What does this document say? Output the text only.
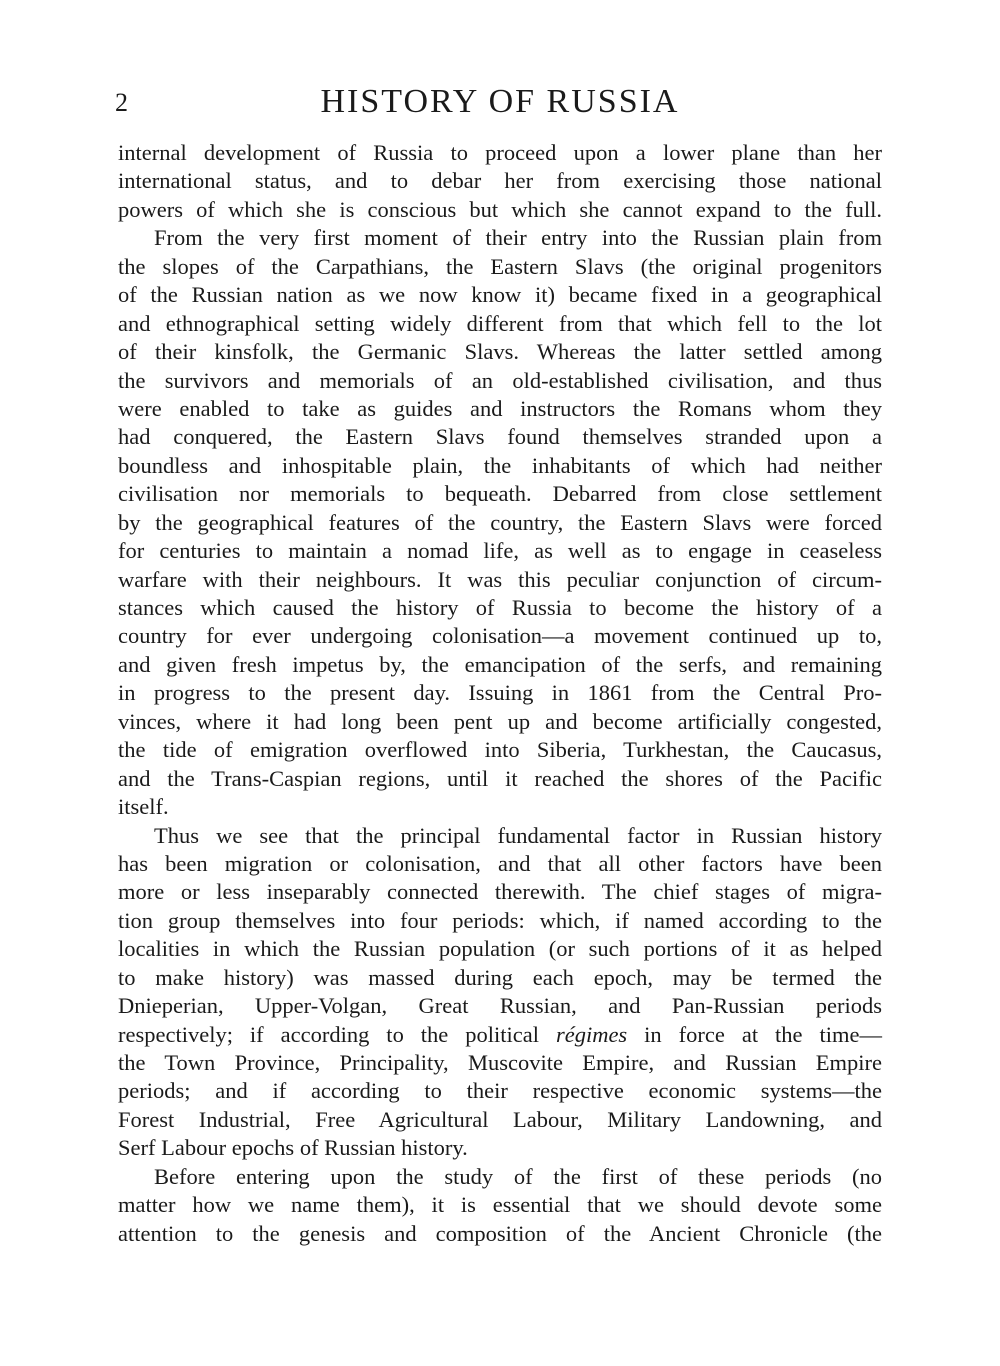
2	HISTORY OF RUSSIA
internal development of Russia to proceed upon a lower plane than her
international status, and to debar her from exercising those national
powers of which she is conscious but which she cannot expand to the full.
From the very first moment of their entry into the Russian plain from
the slopes of the Carpathians, the Eastern Slavs (the original progenitors
of the Russian nation as we now know it) became fixed in a geographical
and ethnographical setting widely different from that which fell to the lot
of their kinsfolk, the Germanic Slavs. Whereas the latter settled among
the survivors and memorials of an old-established civilisation, and thus
were enabled to take as guides and instructors the Romans whom they
had conquered, the Eastern Slavs found themselves stranded upon a
boundless and inhospitable plain, the inhabitants of which had neither
civilisation nor memorials to bequeath. Debarred from close settlement
by the geographical features of the country, the Eastern Slavs were forced
for centuries to maintain a nomad life, as well as to engage in ceaseless
warfare with their neighbours. It was this peculiar conjunction of circum-
stances which caused the history of Russia to become the history of a
country for ever undergoing colonisation—a movement continued up to,
and given fresh impetus by, the emancipation of the serfs, and remaining
in progress to the present day. Issuing in 1861 from the Central Pro-
vinces, where it had long been pent up and become artificially congested,
the tide of emigration overflowed into Siberia, Turkhestan, the Caucasus,
and the Trans-Caspian regions, until it reached the shores of the Pacific
itself.
Thus we see that the principal fundamental factor in Russian history
has been migration or colonisation, and that all other factors have been
more or less inseparably connected therewith. The chief stages of migra-
tion group themselves into four periods: which, if named according to the
localities in which the Russian population (or such portions of it as helped
to make history) was massed during each epoch, may be termed the
Dnieperian, Upper-Volgan, Great Russian, and Pan-Russian periods
respectively; if according to the political régimes in force at the time—
the Town Province, Principality, Muscovite Empire, and Russian Empire
periods; and if according to their respective economic systems—the
Forest Industrial, Free Agricultural Labour, Military Landowning, and
Serf Labour epochs of Russian history.
Before entering upon the study of the first of these periods (no
matter how we name them), it is essential that we should devote some
attention to the genesis and composition of the Ancient Chronicle (the
